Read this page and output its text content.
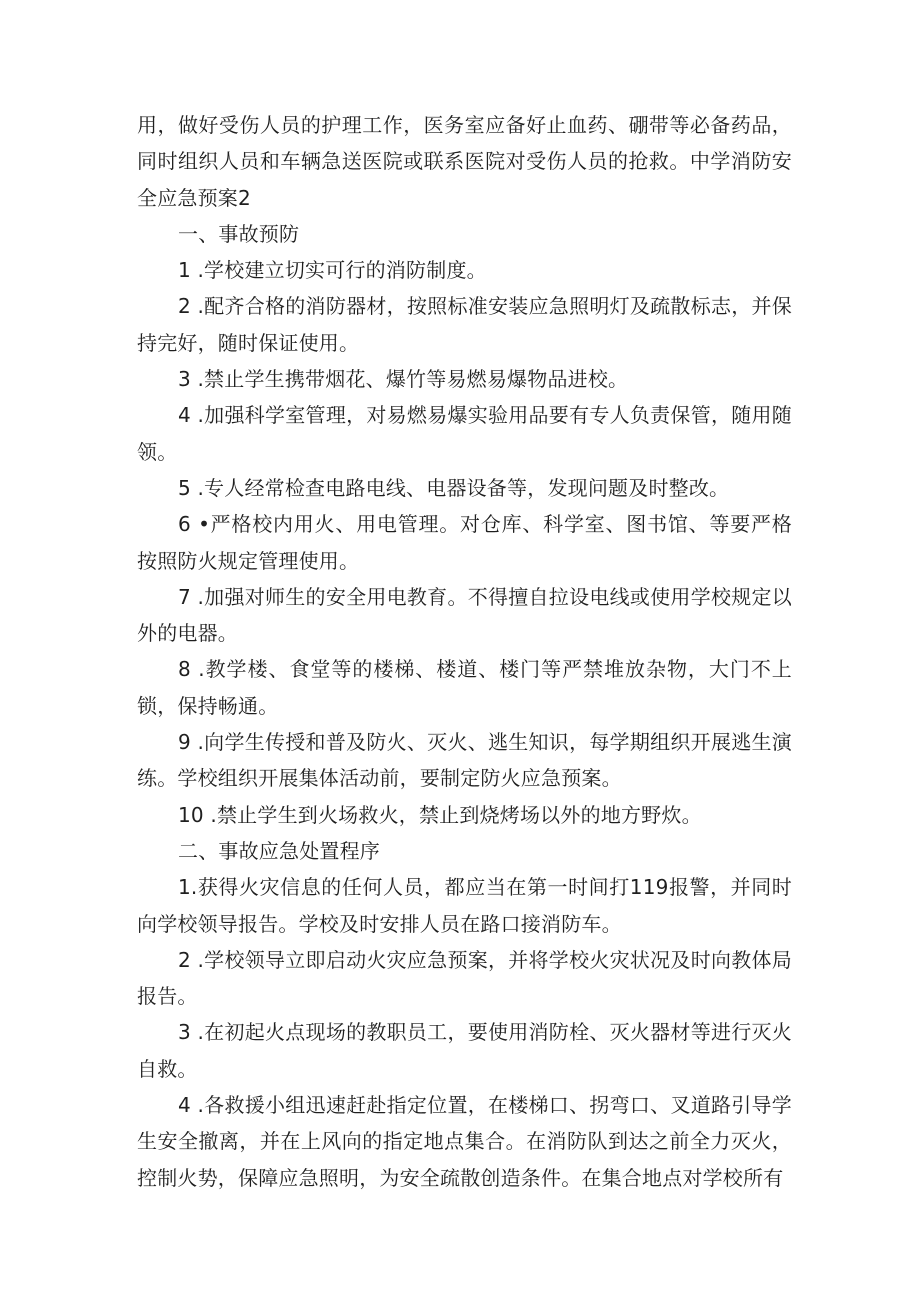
用，做好受伤人员的护理工作，医务室应备好止血药、硼带等必备药品，同时组织人员和车辆急送医院或联系医院对受伤人员的抢救。中学消防安全应急预案2

一、事故预防

1 .学校建立切实可行的消防制度。

2 .配齐合格的消防器材，按照标准安装应急照明灯及疏散标志，并保持完好，随时保证使用。

3 .禁止学生携带烟花、爆竹等易燃易爆物品进校。

4 .加强科学室管理，对易燃易爆实验用品要有专人负责保管，随用随领。

5 .专人经常检查电路电线、电器设备等，发现问题及时整改。

6 •严格校内用火、用电管理。对仓库、科学室、图书馆、等要严格按照防火规定管理使用。

7 .加强对师生的安全用电教育。不得擅自拉设电线或使用学校规定以外的电器。

8 .教学楼、食堂等的楼梯、楼道、楼门等严禁堆放杂物，大门不上锁，保持畅通。

9 .向学生传授和普及防火、灭火、逃生知识，每学期组织开展逃生演练。学校组织开展集体活动前，要制定防火应急预案。

10 .禁止学生到火场救火，禁止到烧烤场以外的地方野炊。

二、事故应急处置程序

1.获得火灾信息的任何人员，都应当在第一时间打119报警，并同时向学校领导报告。学校及时安排人员在路口接消防车。

2 .学校领导立即启动火灾应急预案，并将学校火灾状况及时向教体局报告。

3 .在初起火点现场的教职员工，要使用消防栓、灭火器材等进行灭火自救。

4 .各救援小组迅速赶赴指定位置，在楼梯口、拐弯口、叉道路引导学生安全撤离，并在上风向的指定地点集合。在消防队到达之前全力灭火，控制火势，保障应急照明，为安全疏散创造条件。在集合地点对学校所有
